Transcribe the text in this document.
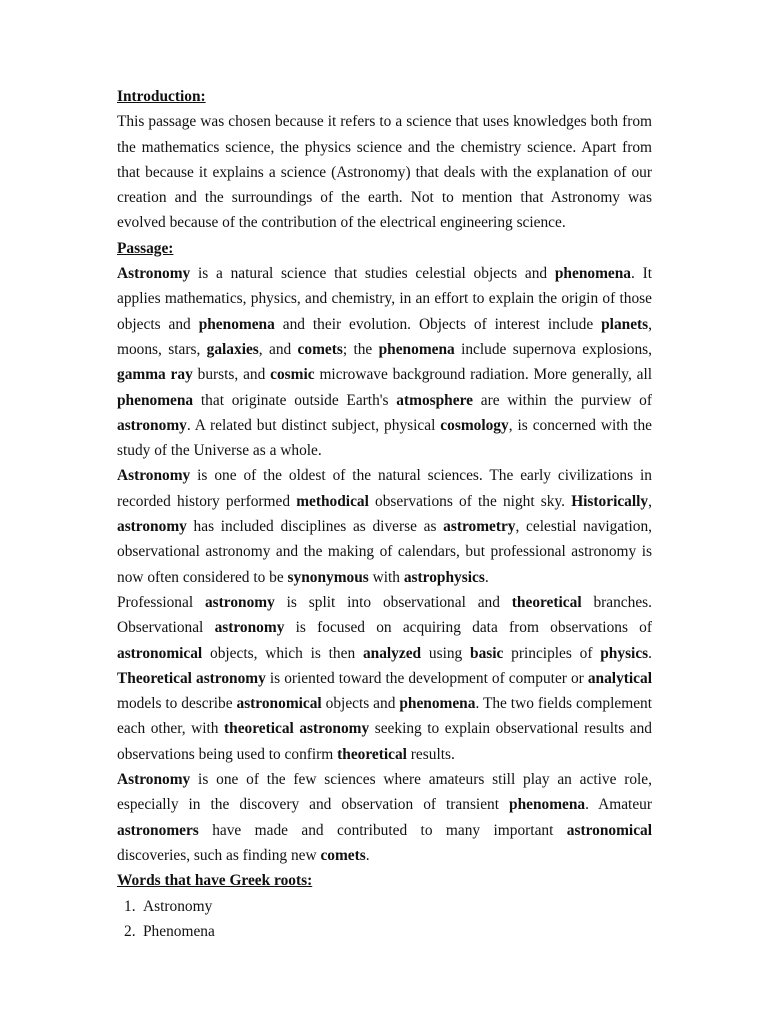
Introduction:

This passage was chosen because it refers to a science that uses knowledges both from the mathematics science, the physics science and the chemistry science. Apart from that because it explains a science (Astronomy) that deals with the explanation of our creation and the surroundings of the earth. Not to mention that Astronomy was evolved because of the contribution of the electrical engineering science.

Passage:

Astronomy is a natural science that studies celestial objects and phenomena. It applies mathematics, physics, and chemistry, in an effort to explain the origin of those objects and phenomena and their evolution. Objects of interest include planets, moons, stars, galaxies, and comets; the phenomena include supernova explosions, gamma ray bursts, and cosmic microwave background radiation. More generally, all phenomena that originate outside Earth's atmosphere are within the purview of astronomy. A related but distinct subject, physical cosmology, is concerned with the study of the Universe as a whole.

Astronomy is one of the oldest of the natural sciences. The early civilizations in recorded history performed methodical observations of the night sky. Historically, astronomy has included disciplines as diverse as astrometry, celestial navigation, observational astronomy and the making of calendars, but professional astronomy is now often considered to be synonymous with astrophysics.

Professional astronomy is split into observational and theoretical branches. Observational astronomy is focused on acquiring data from observations of astronomical objects, which is then analyzed using basic principles of physics. Theoretical astronomy is oriented toward the development of computer or analytical models to describe astronomical objects and phenomena. The two fields complement each other, with theoretical astronomy seeking to explain observational results and observations being used to confirm theoretical results.

Astronomy is one of the few sciences where amateurs still play an active role, especially in the discovery and observation of transient phenomena. Amateur astronomers have made and contributed to many important astronomical discoveries, such as finding new comets.

Words that have Greek roots:

1. Astronomy
2. Phenomena
